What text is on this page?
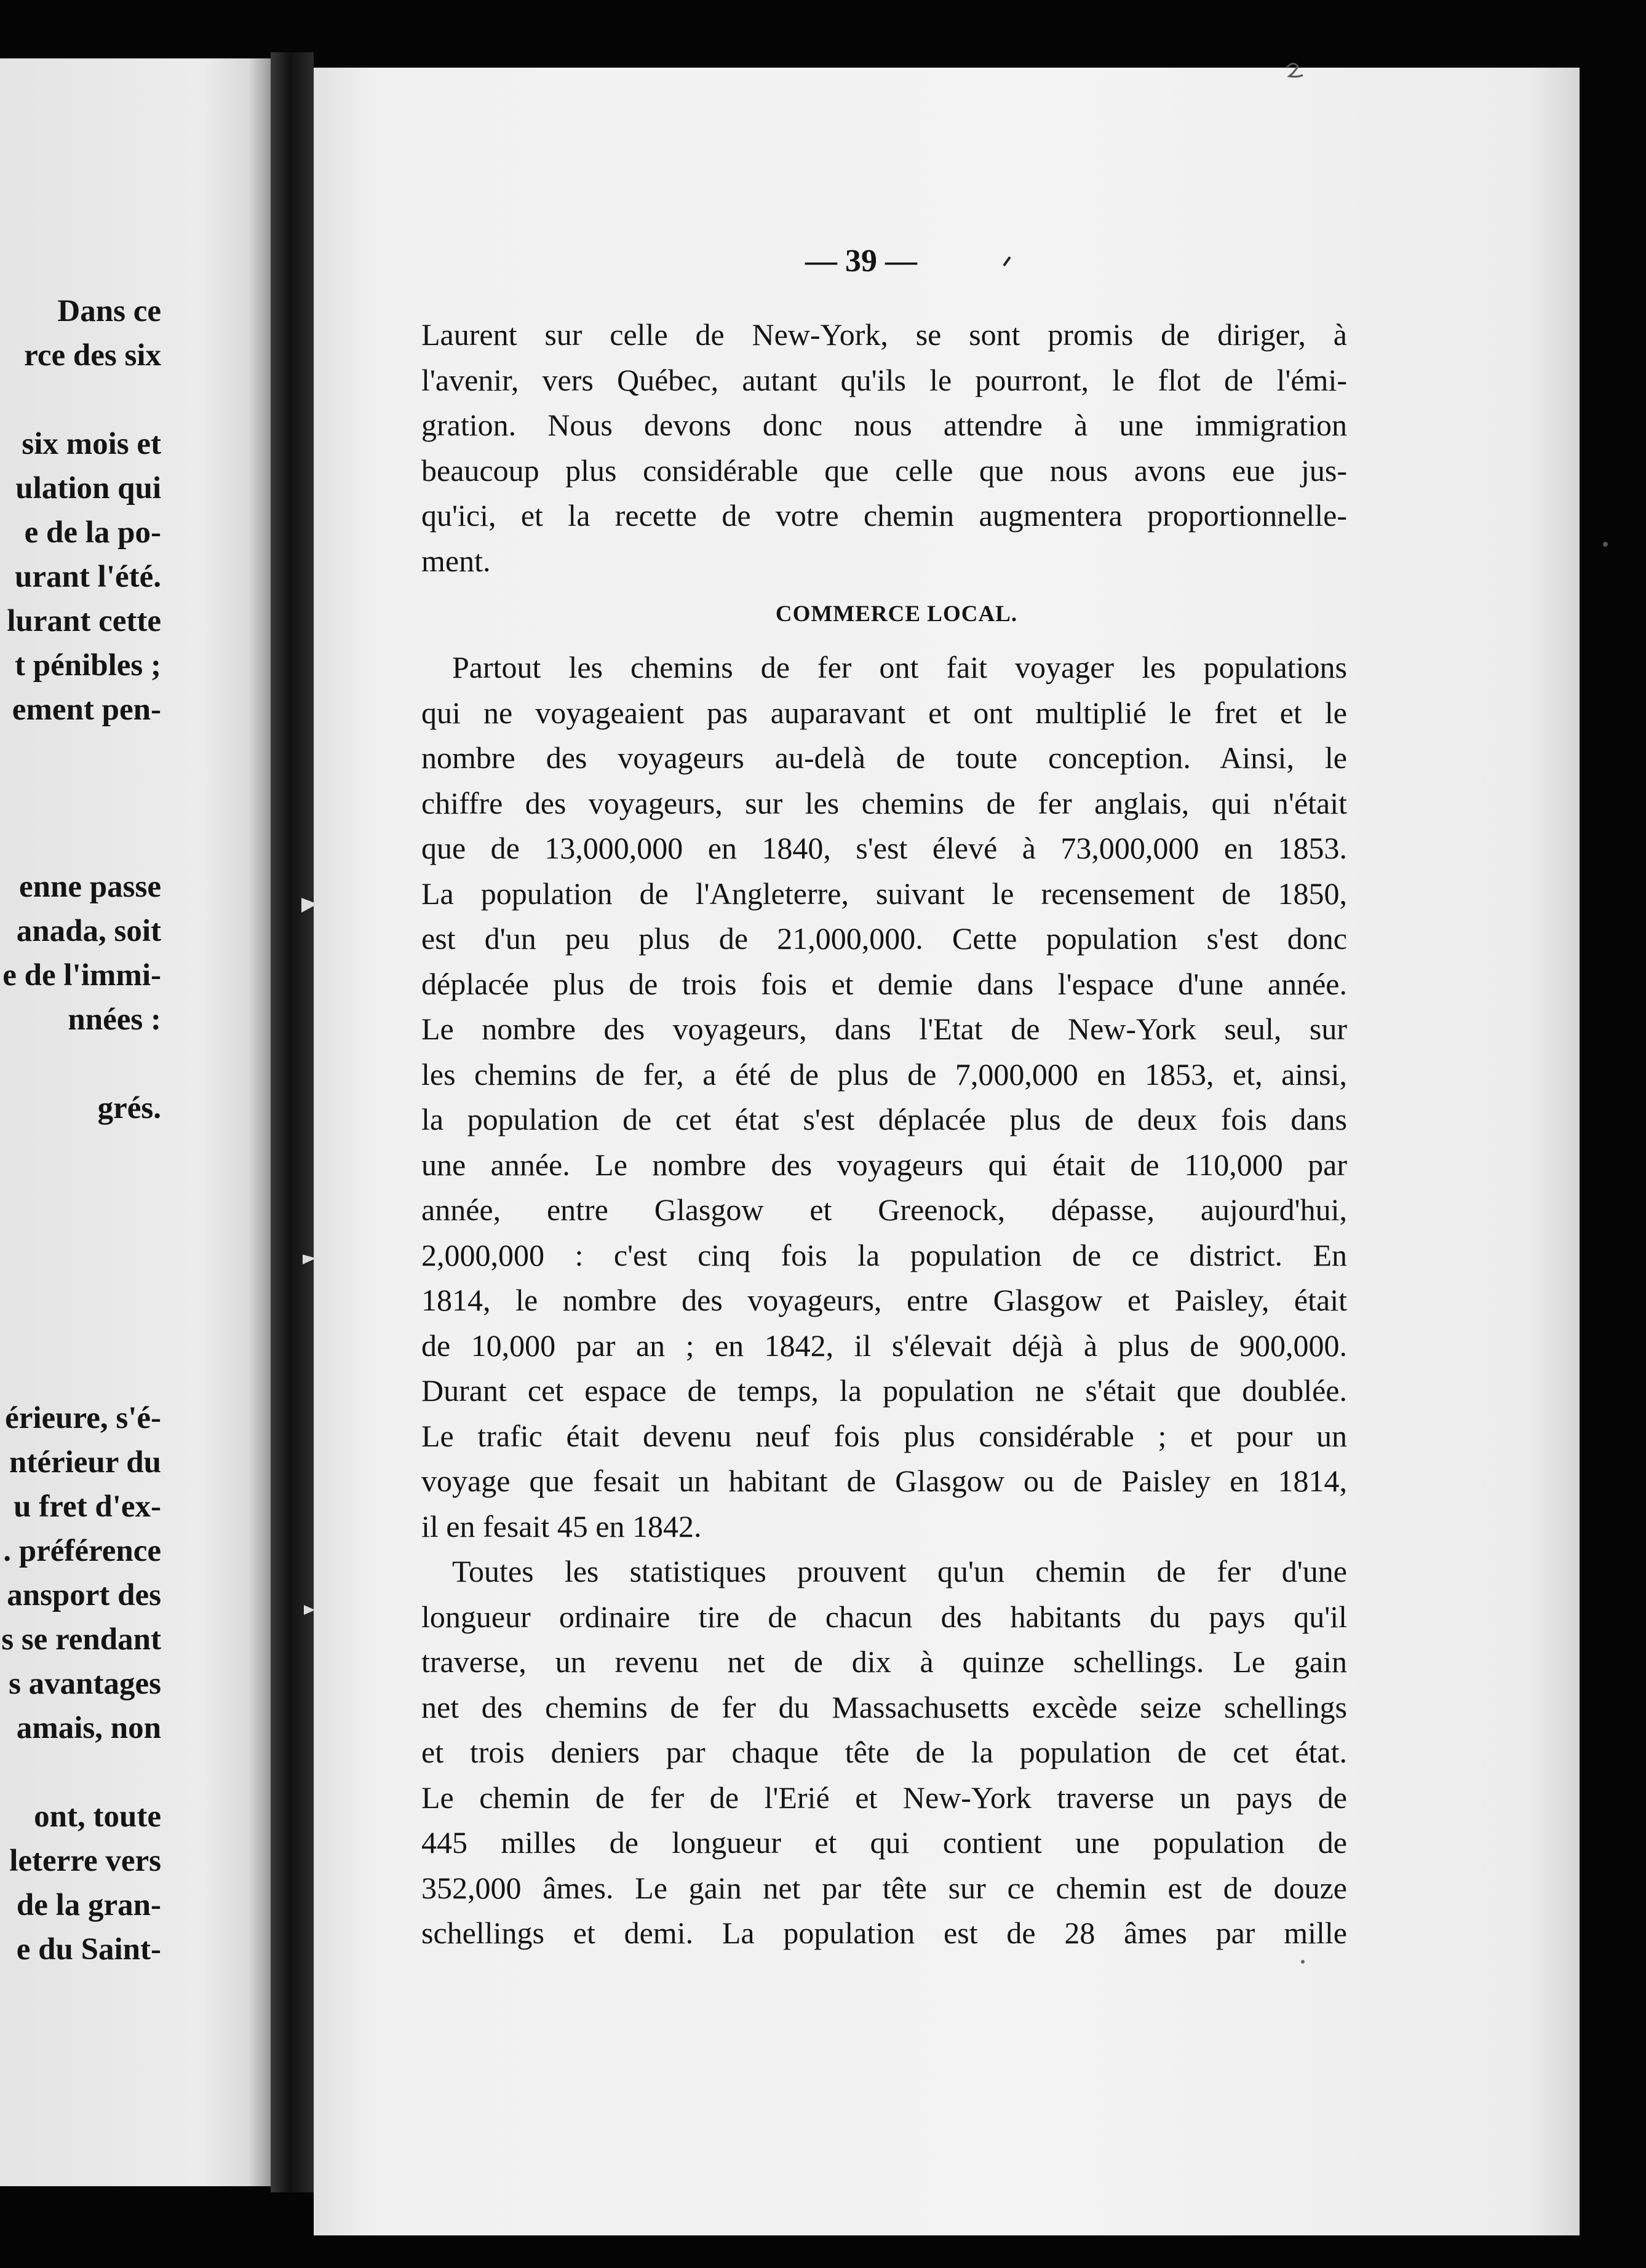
Dans ce
rce des six
six mois et
ulation qui
e de la po-
urant l'été.
lurant cette
t pénibles ;
ement pen-
enne passe
anada, soit
e de l'immi-
nnées :
grés.
érieure, s'é-
ntérieur du
u fret d'ex-
. préférence
ansport des
s se rendant
s avantages
amais, non
ont, toute
leterre vers
de la gran-
e du Saint-
— 39 —
Laurent sur celle de New-York, se sont promis de diriger, à
l'avenir, vers Québec, autant qu'ils le pourront, le flot de l'émi-
gration. Nous devons donc nous attendre à une immigration
beaucoup plus considérable que celle que nous avons eue jus-
qu'ici, et la recette de votre chemin augmentera proportionnelle-
ment.
COMMERCE LOCAL.
Partout les chemins de fer ont fait voyager les populations
qui ne voyageaient pas auparavant et ont multiplié le fret et le
nombre des voyageurs au-delà de toute conception. Ainsi, le
chiffre des voyageurs, sur les chemins de fer anglais, qui n'était
que de 13,000,000 en 1840, s'est élevé à 73,000,000 en 1853.
La population de l'Angleterre, suivant le recensement de 1850,
est d'un peu plus de 21,000,000. Cette population s'est donc
déplacée plus de trois fois et demie dans l'espace d'une année.
Le nombre des voyageurs, dans l'Etat de New-York seul, sur
les chemins de fer, a été de plus de 7,000,000 en 1853, et, ainsi,
la population de cet état s'est déplacée plus de deux fois dans
une année. Le nombre des voyageurs qui était de 110,000 par
année, entre Glasgow et Greenock, dépasse, aujourd'hui,
2,000,000 : c'est cinq fois la population de ce district. En
1814, le nombre des voyageurs, entre Glasgow et Paisley, était
de 10,000 par an ; en 1842, il s'élevait déjà à plus de 900,000.
Durant cet espace de temps, la population ne s'était que doublée.
Le trafic était devenu neuf fois plus considérable ; et pour un
voyage que fesait un habitant de Glasgow ou de Paisley en 1814,
il en fesait 45 en 1842.
Toutes les statistiques prouvent qu'un chemin de fer d'une
longueur ordinaire tire de chacun des habitants du pays qu'il
traverse, un revenu net de dix à quinze schellings. Le gain
net des chemins de fer du Massachusetts excède seize schellings
et trois deniers par chaque tête de la population de cet état.
Le chemin de fer de l'Erié et New-York traverse un pays de
445 milles de longueur et qui contient une population de
352,000 âmes. Le gain net par tête sur ce chemin est de douze
schellings et demi. La population est de 28 âmes par mille
